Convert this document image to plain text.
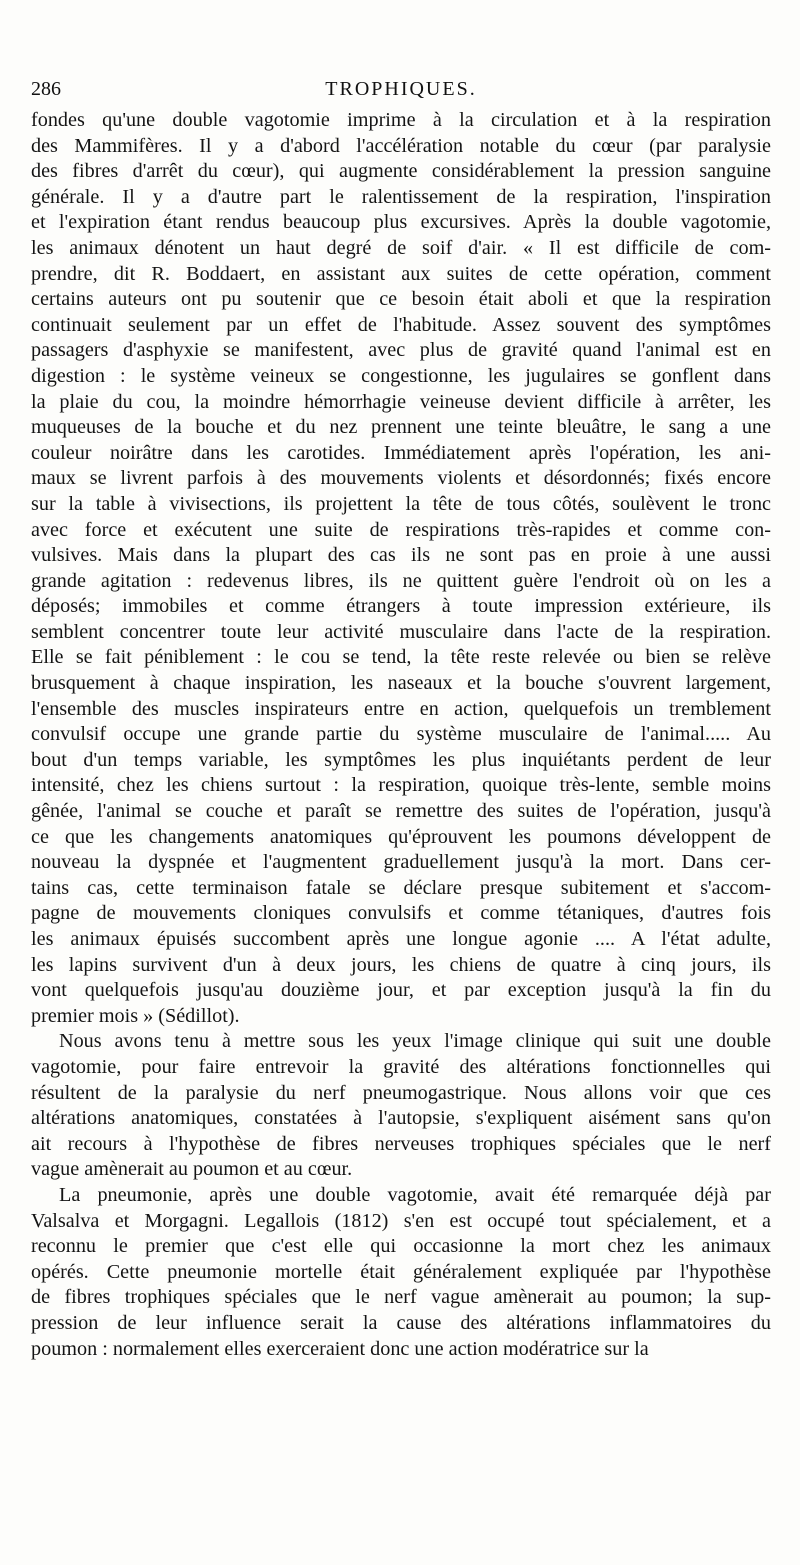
286	TROPHIQUES.
fondes qu'une double vagotomie imprime à la circulation et à la respiration
des Mammifères. Il y a d'abord l'accélération notable du cœur (par paralysie
des fibres d'arrêt du cœur), qui augmente considérablement la pression sanguine
générale. Il y a d'autre part le ralentissement de la respiration, l'inspiration
et l'expiration étant rendus beaucoup plus excursives. Après la double vagotomie,
les animaux dénotent un haut degré de soif d'air. « Il est difficile de com-
prendre, dit R. Boddaert, en assistant aux suites de cette opération, comment
certains auteurs ont pu soutenir que ce besoin était aboli et que la respiration
continuait seulement par un effet de l'habitude. Assez souvent des symptômes
passagers d'asphyxie se manifestent, avec plus de gravité quand l'animal est en
digestion : le système veineux se congestionne, les jugulaires se gonflent dans
la plaie du cou, la moindre hémorrhagie veineuse devient difficile à arrêter, les
muqueuses de la bouche et du nez prennent une teinte bleuâtre, le sang a une
couleur noirâtre dans les carotides. Immédiatement après l'opération, les ani-
maux se livrent parfois à des mouvements violents et désordonnés; fixés encore
sur la table à vivisections, ils projettent la tête de tous côtés, soulèvent le tronc
avec force et exécutent une suite de respirations très-rapides et comme con-
vulsives. Mais dans la plupart des cas ils ne sont pas en proie à une aussi
grande agitation : redevenus libres, ils ne quittent guère l'endroit où on les a
déposés; immobiles et comme étrangers à toute impression extérieure, ils
semblent concentrer toute leur activité musculaire dans l'acte de la respiration.
Elle se fait péniblement : le cou se tend, la tête reste relevée ou bien se relève
brusquement à chaque inspiration, les naseaux et la bouche s'ouvrent largement,
l'ensemble des muscles inspirateurs entre en action, quelquefois un tremblement
convulsif occupe une grande partie du système musculaire de l'animal..... Au
bout d'un temps variable, les symptômes les plus inquiétants perdent de leur
intensité, chez les chiens surtout : la respiration, quoique très-lente, semble moins
gênée, l'animal se couche et paraît se remettre des suites de l'opération, jusqu'à
ce que les changements anatomiques qu'éprouvent les poumons développent de
nouveau la dyspnée et l'augmentent graduellement jusqu'à la mort. Dans cer-
tains cas, cette terminaison fatale se déclare presque subitement et s'accom-
pagne de mouvements cloniques convulsifs et comme tétaniques, d'autres fois
les animaux épuisés succombent après une longue agonie .... A l'état adulte,
les lapins survivent d'un à deux jours, les chiens de quatre à cinq jours, ils
vont quelquefois jusqu'au douzième jour, et par exception jusqu'à la fin du
premier mois » (Sédillot).
Nous avons tenu à mettre sous les yeux l'image clinique qui suit une double
vagotomie, pour faire entrevoir la gravité des altérations fonctionnelles qui
résultent de la paralysie du nerf pneumogastrique. Nous allons voir que ces
altérations anatomiques, constatées à l'autopsie, s'expliquent aisément sans qu'on
ait recours à l'hypothèse de fibres nerveuses trophiques spéciales que le nerf
vague amènerait au poumon et au cœur.
La pneumonie, après une double vagotomie, avait été remarquée déjà par
Valsalva et Morgagni. Legallois (1812) s'en est occupé tout spécialement, et a
reconnu le premier que c'est elle qui occasionne la mort chez les animaux
opérés. Cette pneumonie mortelle était généralement expliquée par l'hypothèse
de fibres trophiques spéciales que le nerf vague amènerait au poumon; la sup-
pression de leur influence serait la cause des altérations inflammatoires du
poumon : normalement elles exerceraient donc une action modératrice sur la
